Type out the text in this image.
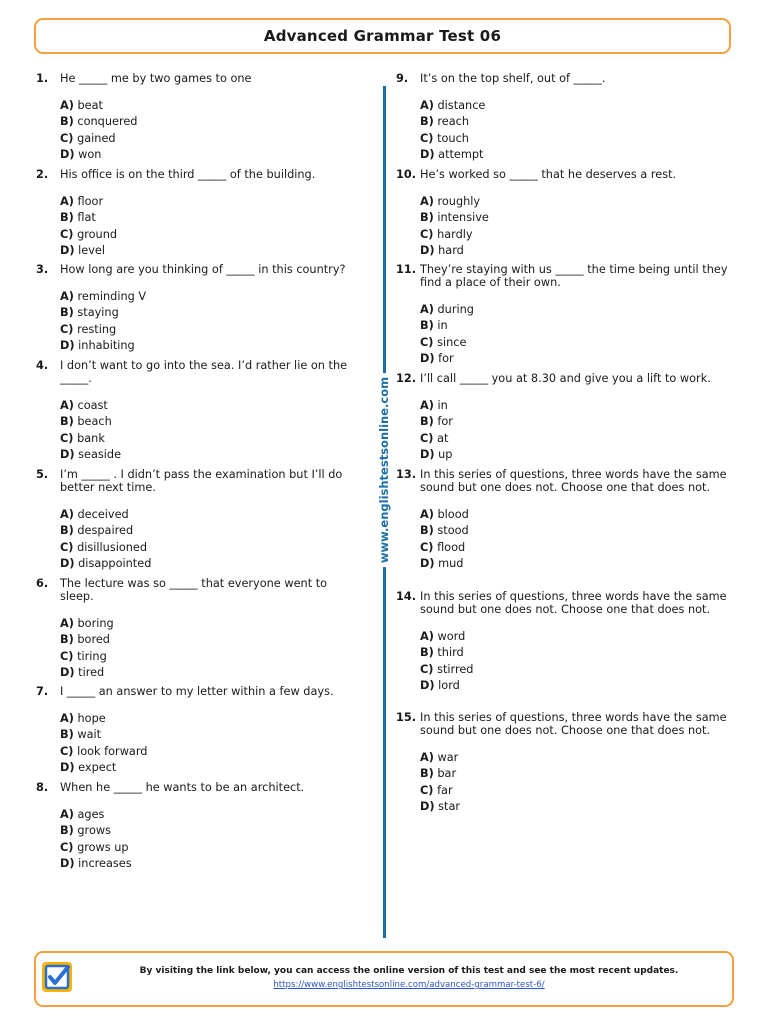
Advanced Grammar Test 06
1.	He _____ me by two games to one
A) beat
B) conquered
C) gained
D) won
2.	His office is on the third _____ of the building.
A) floor
B) flat
C) ground
D) level
3.	How long are you thinking of _____ in this country?
A) reminding V
B) staying
C) resting
D) inhabiting
4.	I don’t want to go into the sea. I’d rather lie on the _____.
A) coast
B) beach
C) bank
D) seaside
5.	I’m _____ . I didn’t pass the examination but I’ll do better next time.
A) deceived
B) despaired
C) disillusioned
D) disappointed
6.	The lecture was so _____ that everyone went to sleep.
A) boring
B) bored
C) tiring
D) tired
7.	I _____ an answer to my letter within a few days.
A) hope
B) wait
C) look forward
D) expect
8.	When he _____ he wants to be an architect.
A) ages
B) grows
C) grows up
D) increases
www.englishtestsonline.com
9.	It’s on the top shelf, out of _____.
A) distance
B) reach
C) touch
D) attempt
10. He’s worked so _____ that he deserves a rest.
A) roughly
B) intensive
C) hardly
D) hard
11. They’re staying with us _____ the time being until they find a place of their own.
A) during
B) in
C) since
D) for
12. I’ll call _____ you at 8.30 and give you a lift to work.
A) in
B) for
C) at
D) up
13. In this series of questions, three words have the same sound but one does not. Choose one that does not.
A) blood
B) stood
C) flood
D) mud
14. In this series of questions, three words have the same sound but one does not. Choose one that does not.
A) word
B) third
C) stirred
D) lord
15. In this series of questions, three words have the same sound but one does not. Choose one that does not.
A) war
B) bar
C) far
D) star
By visiting the link below, you can access the online version of this test and see the most recent updates.
https://www.englishtestsonline.com/advanced-grammar-test-6/
